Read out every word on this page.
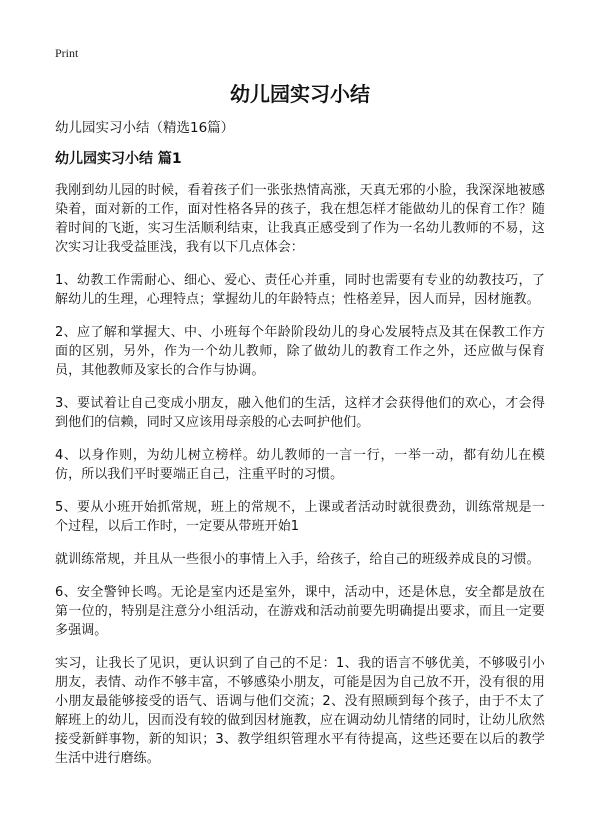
Print
幼儿园实习小结

幼儿园实习小结（精选16篇）

幼儿园实习小结 篇1

我刚到幼儿园的时候，看着孩子们一张张热情高涨，天真无邪的小脸，我深深地被感染着，面对新的工作，面对性格各异的孩子，我在想怎样才能做幼儿的保育工作？随着时间的飞逝，实习生活顺利结束，让我真正感受到了作为一名幼儿教师的不易，这次实习让我受益匪浅，我有以下几点体会：

1、幼教工作需耐心、细心、爱心、责任心并重，同时也需要有专业的幼教技巧，了解幼儿的生理，心理特点；掌握幼儿的年龄特点；性格差异，因人而异，因材施教。

2、应了解和掌握大、中、小班每个年龄阶段幼儿的身心发展特点及其在保教工作方面的区别，另外，作为一个幼儿教师，除了做幼儿的教育工作之外，还应做与保育员，其他教师及家长的合作与协调。

3、要试着让自己变成小朋友，融入他们的生活，这样才会获得他们的欢心，才会得到他们的信赖，同时又应该用母亲般的心去呵护他们。

4、以身作则，为幼儿树立榜样。幼儿教师的一言一行，一举一动，都有幼儿在模仿，所以我们平时要端正自己，注重平时的习惯。

5、要从小班开始抓常规，班上的常规不，上课或者活动时就很费劲，训练常规是一个过程，以后工作时，一定要从带班开始1

就训练常规，并且从一些很小的事情上入手，给孩子，给自己的班级养成良的习惯。

6、安全警钟长鸣。无论是室内还是室外，课中，活动中，还是休息，安全都是放在第一位的，特别是注意分小组活动，在游戏和活动前要先明确提出要求，而且一定要多强调。

实习，让我长了见识，更认识到了自己的不足：1、我的语言不够优美，不够吸引小朋友，表情、动作不够丰富，不够感染小朋友，可能是因为自己放不开，没有很的用小朋友最能够接受的语气、语调与他们交流；2、没有照顾到每个孩子，由于不太了解班上的幼儿，因而没有较的做到因材施教，应在调动幼儿情绪的同时，让幼儿欣然接受新鲜事物，新的知识；3、教学组织管理水平有待提高，这些还要在以后的教学生活中进行磨练。
